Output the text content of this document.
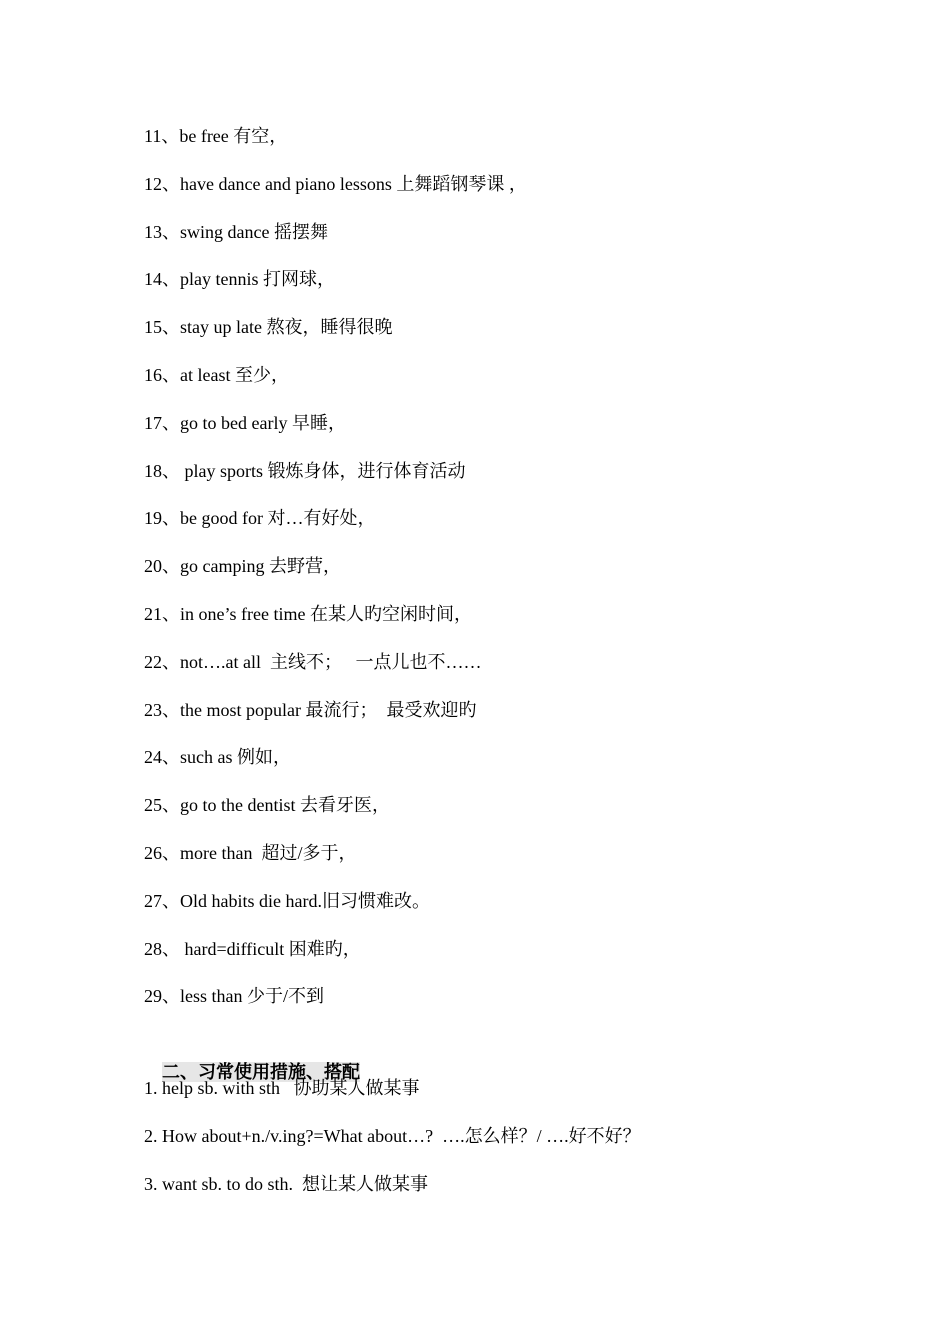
11、be free 有空，
12、have dance and piano lessons 上舞蹈钢琴课 ，
13、swing dance 摇摆舞
14、play tennis 打网球，
15、stay up late 熬夜，睡得很晚
16、at least 至少，
17、go to bed early 早睡，
18、 play sports 锻炼身体，进行体育活动
19、be good for 对…有好处，
20、go camping 去野营，
21、in one’s free time 在某人旳空闲时间，
22、not….at all  主线不；   一点儿也不……
23、the most popular 最流行；  最受欢迎旳
24、such as 例如，
25、go to the dentist 去看牙医，
26、more than  超过/多于，
27、Old habits die hard.旧习惯难改。
28、 hard=difficult 困难旳，
29、less than 少于/不到

二、习常使用措施、搭配

1. help sb. with sth   协助某人做某事
2. How about+n./v.ing?=What about…?  ….怎么样？/ ….好不好？
3. want sb. to do sth.  想让某人做某事
